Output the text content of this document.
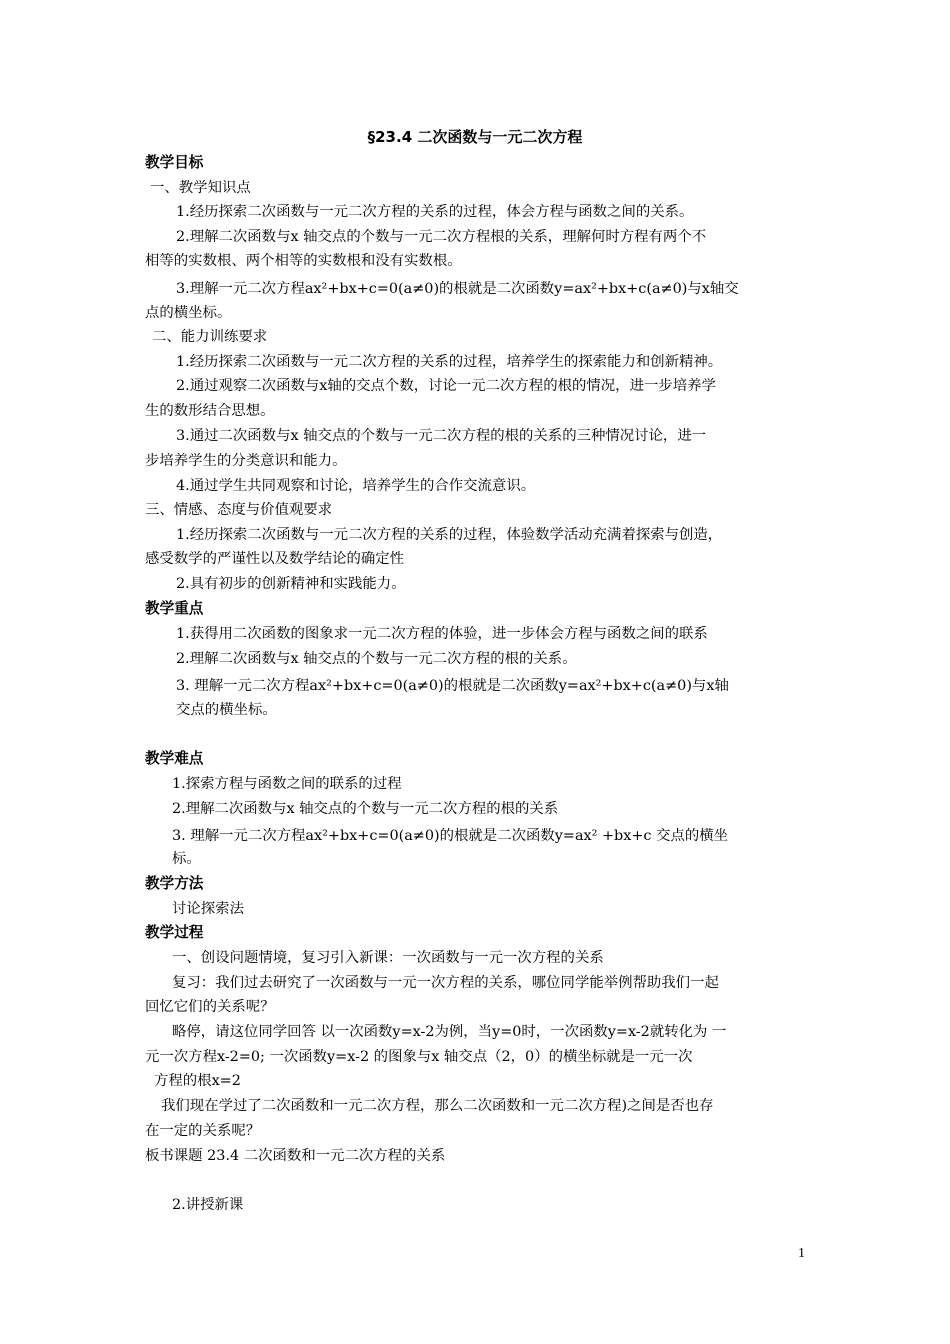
§23.4 二次函数与一元二次方程
教学目标
一、教学知识点
1.经历探索二次函数与一元二次方程的关系的过程，体会方程与函数之间的关系。
2.理解二次函数与x 轴交点的个数与一元二次方程根的关系，理解何时方程有两个不
相等的实数根、两个相等的实数根和没有实数根。
3.理解一元二次方程ax²+bx+c=0(a≠0)的根就是二次函数y=ax²+bx+c(a≠0)与x轴交
点的横坐标。
二、能力训练要求
1.经历探索二次函数与一元二次方程的关系的过程，培养学生的探索能力和创新精神。
2.通过观察二次函数与x轴的交点个数，讨论一元二次方程的根的情况，进一步培养学
生的数形结合思想。
3.通过二次函数与x 轴交点的个数与一元二次方程的根的关系的三种情况讨论，进一
步培养学生的分类意识和能力。
4.通过学生共同观察和讨论，培养学生的合作交流意识。
三、情感、态度与价值观要求
1.经历探索二次函数与一元二次方程的关系的过程，体验数学活动充满着探索与创造，
感受数学的严谨性以及数学结论的确定性
2.具有初步的创新精神和实践能力。
教学重点
1.获得用二次函数的图象求一元二次方程的体验，进一步体会方程与函数之间的联系
2.理解二次函数与x 轴交点的个数与一元二次方程的根的关系。
3. 理解一元二次方程ax²+bx+c=0(a≠0)的根就是二次函数y=ax²+bx+c(a≠0)与x轴
交点的横坐标。
教学难点
1.探索方程与函数之间的联系的过程
2.理解二次函数与x 轴交点的个数与一元二次方程的根的关系
3. 理解一元二次方程ax²+bx+c=0(a≠0)的根就是二次函数y=ax² +bx+c 交点的横坐
标。
教学方法
讨论探索法
教学过程
一、创设问题情境，复习引入新课：一次函数与一元一次方程的关系
复习：我们过去研究了一次函数与一元一次方程的关系，哪位同学能举例帮助我们一起
回忆它们的关系呢？
略停，请这位同学回答 以一次函数y=x-2为例，当y=0时，一次函数y=x-2就转化为 一
元一次方程x-2=0; 一次函数y=x-2 的图象与x 轴交点（2，0）的横坐标就是一元一次
方程的根x=2
我们现在学过了二次函数和一元二次方程，那么二次函数和一元二次方程)之间是否也存
在一定的关系呢？
板书课题 23.4 二次函数和一元二次方程的关系
2.讲授新课
1
